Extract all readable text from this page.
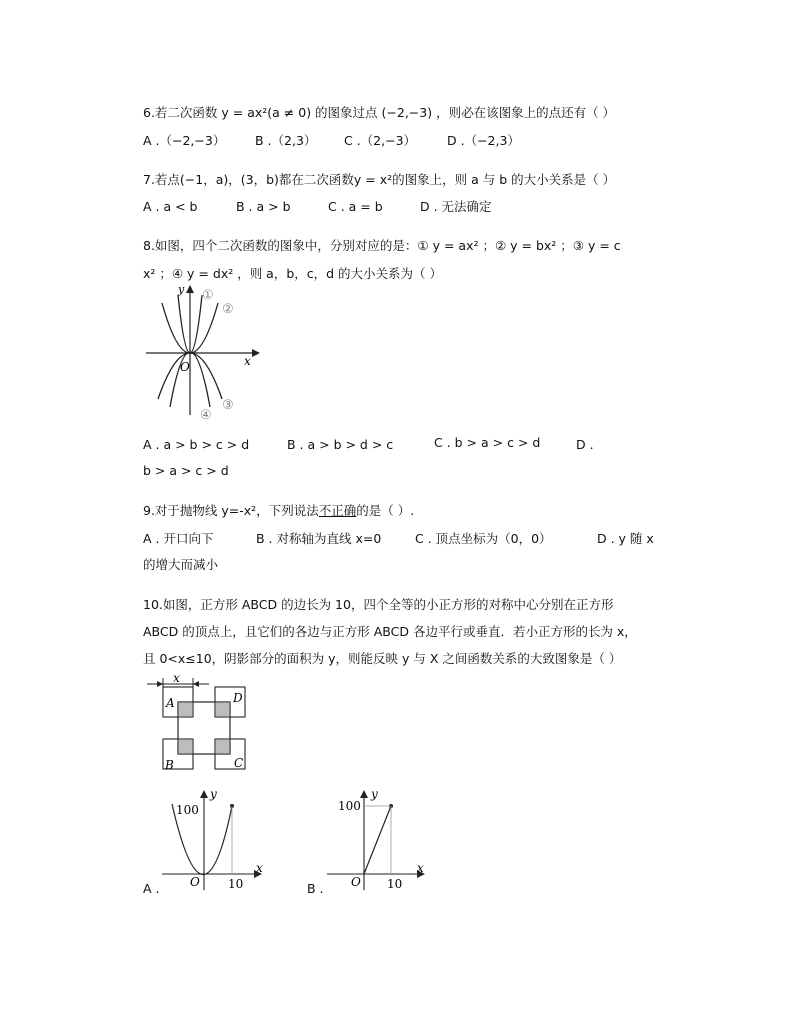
6.若二次函数 y = ax²(a ≠ 0) 的图象过点 (−2,−3) ，则必在该图象上的点还有（ ）
A .（−2,−3） B .（2,3） C .（2,−3） D .（−2,3）
7.若点(−1，a)，(3，b)都在二次函数y = x²的图象上，则 a 与 b 的大小关系是（ ）
A . a < b	B . a > b	C . a = b	D . 无法确定
8.如图，四个二次函数的图象中，分别对应的是：① y = ax² ；② y = bx² ；③ y = c
x² ；④ y = dx² ，则 a，b，c，d 的大小关系为（ ）
y
x
O
①
②
④
③
A . a > b > c > d	B . a > b > d > c	C . b > a > c > d	D .
b > a > c > d
9.对于抛物线 y=-x²，下列说法不正确的是（ ）.
A . 开口向下	B . 对称轴为直线 x=0	C . 顶点坐标为（0，0）	D . y 随 x
的增大而减小
10.如图，正方形 ABCD 的边长为 10，四个全等的小正方形的对称中心分别在正方形
ABCD 的顶点上，且它们的各边与正方形 ABCD 各边平行或垂直．若小正方形的长为 x，
且 0<x≤10，阴影部分的面积为 y，则能反映 y 与 X 之间函数关系的大致图象是（ ）
x
A	D
B	C
100
y
x
O 10
A .
100
y
x
O 10
B .
